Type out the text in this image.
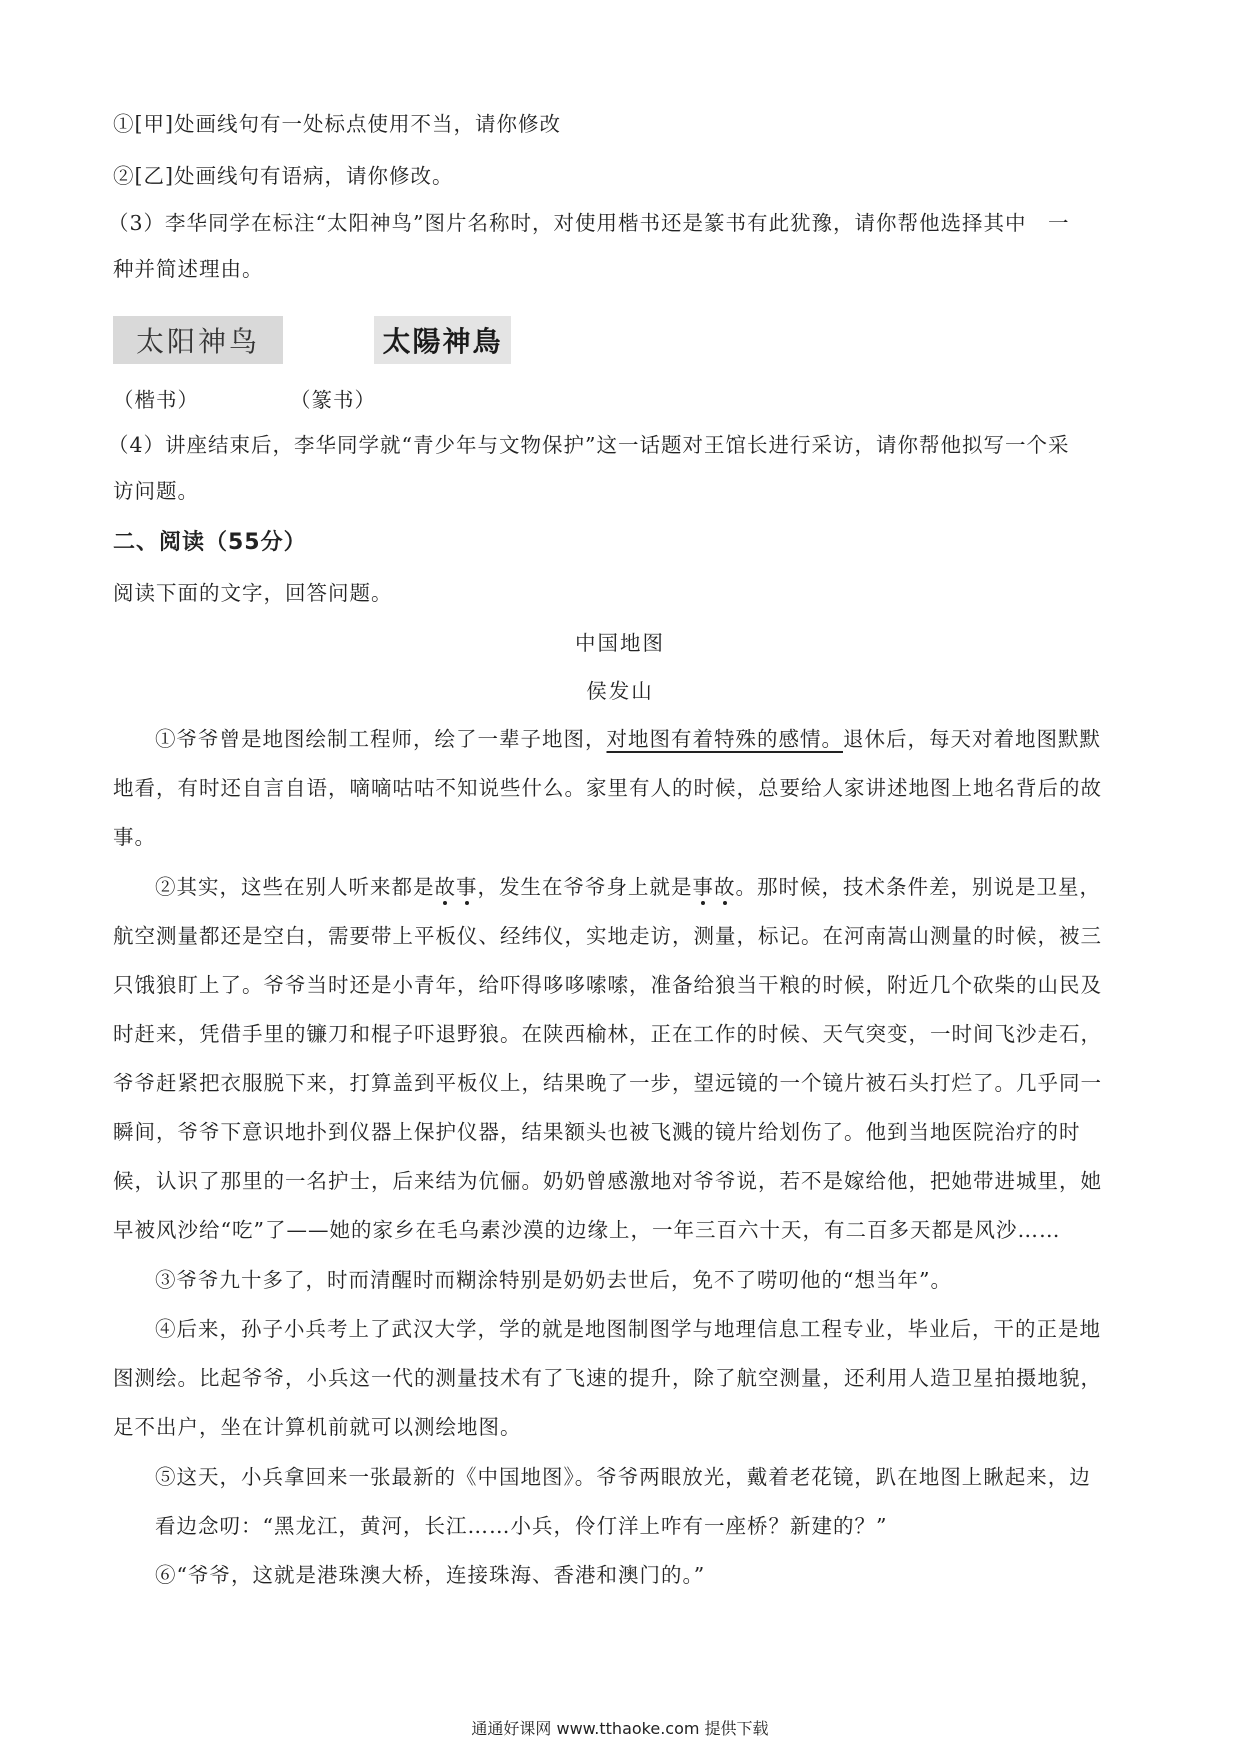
①[甲]处画线句有一处标点使用不当，请你修改
②[乙]处画线句有语病，请你修改。
（3）李华同学在标注“太阳神鸟”图片名称时，对使用楷书还是篆书有此犹豫，请你帮他选择其中　一
种并简述理由。
太阳神鸟	太陽神鳥
（楷书）	（篆书）
（4）讲座结束后，李华同学就“青少年与文物保护”这一话题对王馆长进行采访，请你帮他拟写一个采
访问题。
二、阅读（55分）
阅读下面的文字，回答问题。
中国地图
侯发山
①爷爷曾是地图绘制工程师，绘了一辈子地图，对地图有着特殊的感情。退休后，每天对着地图默默
地看，有时还自言自语，嘀嘀咕咕不知说些什么。家里有人的时候，总要给人家讲述地图上地名背后的故
事。
②其实，这些在别人听来都是故事，发生在爷爷身上就是事故。那时候，技术条件差，别说是卫星，
航空测量都还是空白，需要带上平板仪、经纬仪，实地走访，测量，标记。在河南嵩山测量的时候，被三
只饿狼盯上了。爷爷当时还是小青年，给吓得哆哆嗦嗦，准备给狼当干粮的时候，附近几个砍柴的山民及
时赶来，凭借手里的镰刀和棍子吓退野狼。在陕西榆林，正在工作的时候、天气突变，一时间飞沙走石，
爷爷赶紧把衣服脱下来，打算盖到平板仪上，结果晚了一步，望远镜的一个镜片被石头打烂了。几乎同一
瞬间，爷爷下意识地扑到仪器上保护仪器，结果额头也被飞溅的镜片给划伤了。他到当地医院治疗的时
候，认识了那里的一名护士，后来结为伉俪。奶奶曾感激地对爷爷说，若不是嫁给他，把她带进城里，她
早被风沙给“吃”了——她的家乡在毛乌素沙漠的边缘上，一年三百六十天，有二百多天都是风沙……
③爷爷九十多了，时而清醒时而糊涂特别是奶奶去世后，免不了唠叨他的“想当年”。
④后来，孙子小兵考上了武汉大学，学的就是地图制图学与地理信息工程专业，毕业后，干的正是地
图测绘。比起爷爷，小兵这一代的测量技术有了飞速的提升，除了航空测量，还利用人造卫星拍摄地貌，
足不出户，坐在计算机前就可以测绘地图。
⑤这天，小兵拿回来一张最新的《中国地图》。爷爷两眼放光，戴着老花镜，趴在地图上瞅起来，边
看边念叨：“黑龙江，黄河，长江……小兵，伶仃洋上咋有一座桥？新建的？”
⑥“爷爷，这就是港珠澳大桥，连接珠海、香港和澳门的。”
通通好课网 www.tthaoke.com 提供下载
